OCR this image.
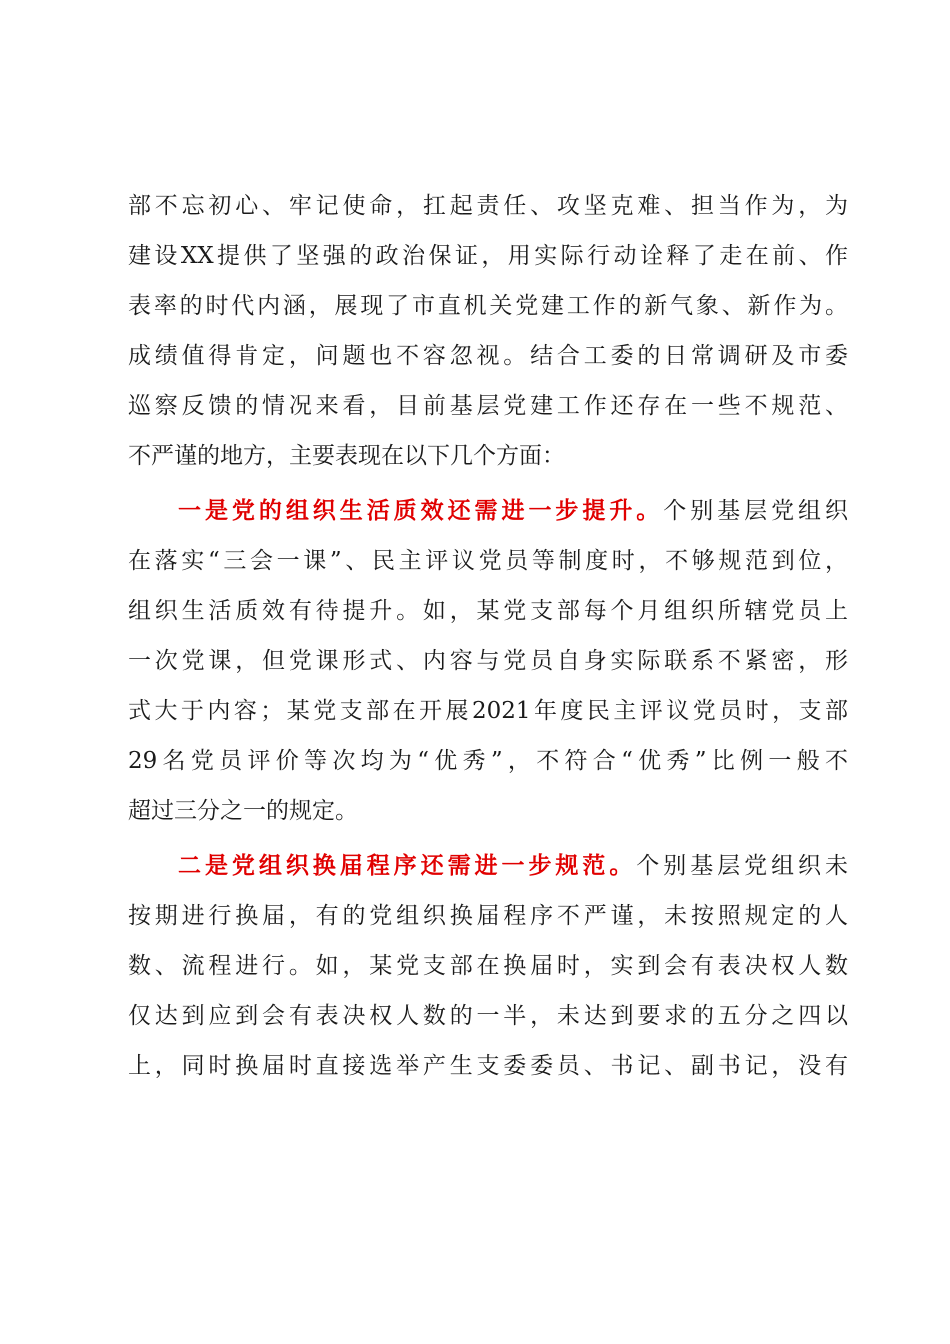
部不忘初心、牢记使命，扛起责任、攻坚克难、担当作为，为
建设XX提供了坚强的政治保证，用实际行动诠释了走在前、作
表率的时代内涵，展现了市直机关党建工作的新气象、新作为。
成绩值得肯定，问题也不容忽视。结合工委的日常调研及市委
巡察反馈的情况来看，目前基层党建工作还存在一些不规范、
不严谨的地方，主要表现在以下几个方面：
一是党的组织生活质效还需进一步提升。个别基层党组织
在落实“三会一课”、民主评议党员等制度时，不够规范到位，
组织生活质效有待提升。如，某党支部每个月组织所辖党员上
一次党课，但党课形式、内容与党员自身实际联系不紧密，形
式大于内容；某党支部在开展2021年度民主评议党员时，支部
29名党员评价等次均为“优秀”，不符合“优秀”比例一般不
超过三分之一的规定。
二是党组织换届程序还需进一步规范。个别基层党组织未
按期进行换届，有的党组织换届程序不严谨，未按照规定的人
数、流程进行。如，某党支部在换届时，实到会有表决权人数
仅达到应到会有表决权人数的一半，未达到要求的五分之四以
上，同时换届时直接选举产生支委委员、书记、副书记，没有
